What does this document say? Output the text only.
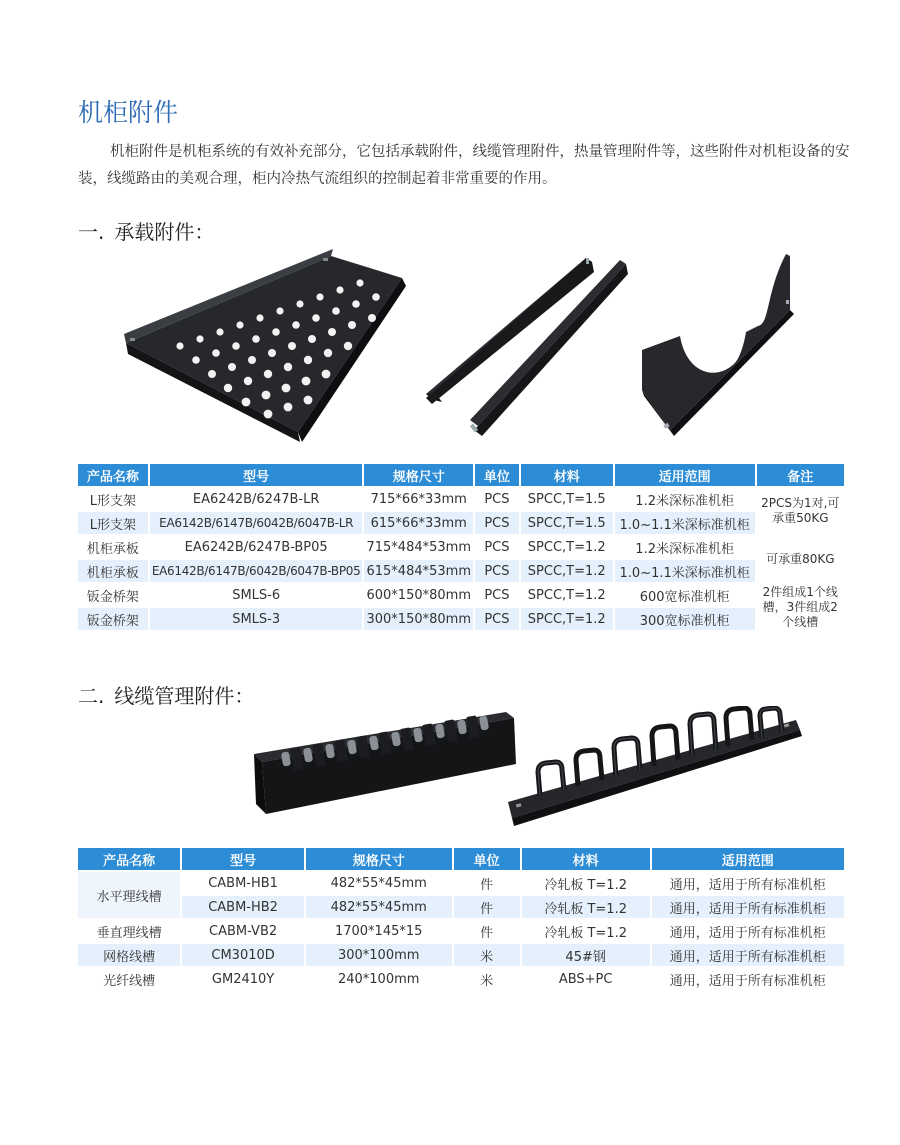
机柜附件

机柜附件是机柜系统的有效补充部分，它包括承载附件，线缆管理附件，热量管理附件等，这些附件对机柜设备的安装，线缆路由的美观合理，柜内冷热气流组织的控制起着非常重要的作用。

一. 承载附件：
产品名称	型号	规格尺寸	单位	材料	适用范围	备注
L形支架	EA6242B/6247B-LR	715*66*33mm	PCS	SPCC,T=1.5	1.2米深标准机柜	2PCS为1对,可承重50KG
L形支架	EA6142B/6147B/6042B/6047B-LR	615*66*33mm	PCS	SPCC,T=1.5	1.0~1.1米深标准机柜	
机柜承板	EA6242B/6247B-BP05	715*484*53mm	PCS	SPCC,T=1.2	1.2米深标准机柜	可承重80KG
机柜承板	EA6142B/6147B/6042B/6047B-BP05	615*484*53mm	PCS	SPCC,T=1.2	1.0~1.1米深标准机柜	
钣金桥架	SMLS-6	600*150*80mm	PCS	SPCC,T=1.2	600宽标准机柜	2件组成1个线槽，3件组成2个线槽
钣金桥架	SMLS-3	300*150*80mm	PCS	SPCC,T=1.2	300宽标准机柜	
二. 线缆管理附件：
产品名称	型号	规格尺寸	单位	材料	适用范围
水平理线槽	CABM-HB1	482*55*45mm	件	冷轧板 T=1.2	通用，适用于所有标准机柜
	CABM-HB2	482*55*45mm	件	冷轧板 T=1.2	通用，适用于所有标准机柜
垂直理线槽	CABM-VB2	1700*145*15	件	冷轧板 T=1.2	通用，适用于所有标准机柜
网格线槽	CM3010D	300*100mm	米	45#钢	通用，适用于所有标准机柜
光纤线槽	GM2410Y	240*100mm	米	ABS+PC	通用，适用于所有标准机柜
